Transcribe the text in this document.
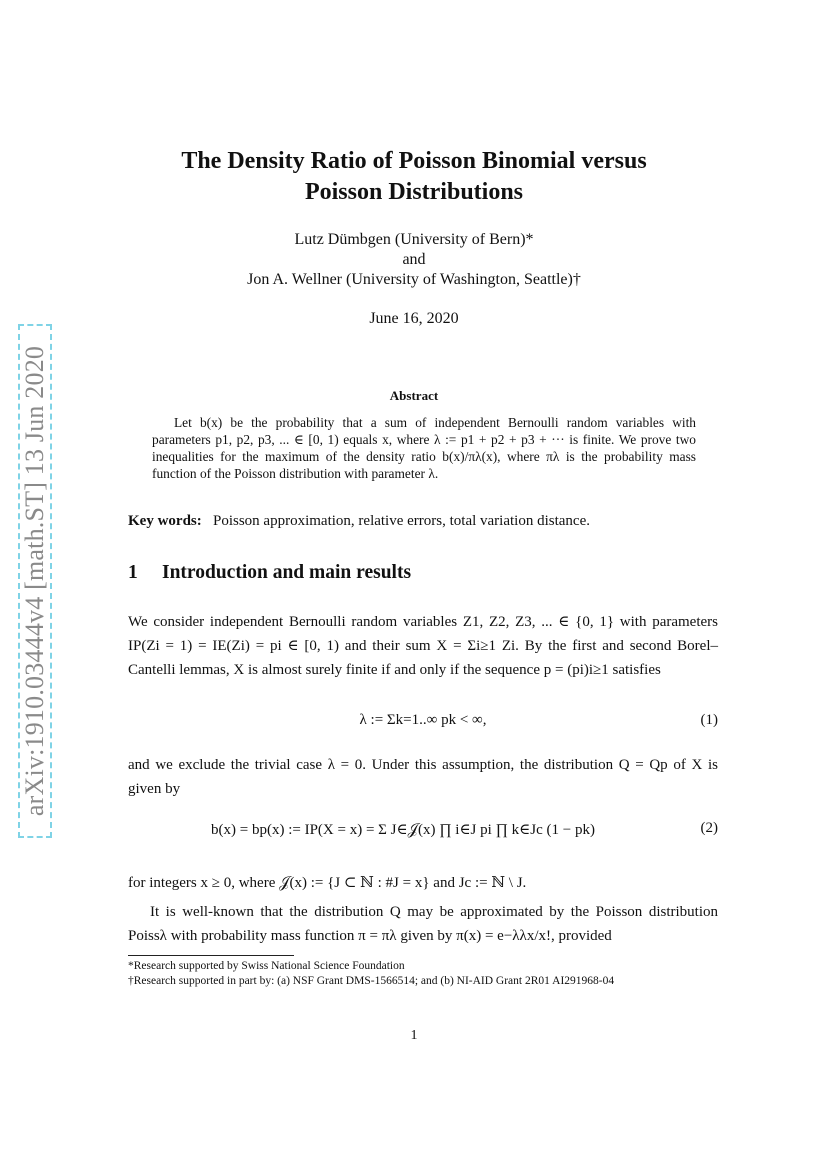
arXiv:1910.03444v4 [math.ST] 13 Jun 2020
The Density Ratio of Poisson Binomial versus
Poisson Distributions
Lutz Dümbgen (University of Bern)*
and
Jon A. Wellner (University of Washington, Seattle)†
June 16, 2020
Abstract

Let b(x) be the probability that a sum of independent Bernoulli random variables with parameters p1, p2, p3, ... ∈ [0, 1) equals x, where λ := p1 + p2 + p3 + ··· is finite. We prove two inequalities for the maximum of the density ratio b(x)/πλ(x), where πλ is the probability mass function of the Poisson distribution with parameter λ.

Key words: Poisson approximation, relative errors, total variation distance.
1 Introduction and main results

We consider independent Bernoulli random variables Z1, Z2, Z3, ... ∈ {0, 1} with parameters IP(Zi = 1) = IE(Zi) = pi ∈ [0, 1) and their sum X = Σi≥1 Zi. By the first and second Borel–Cantelli lemmas, X is almost surely finite if and only if the sequence p = (pi)i≥1 satisfies

λ := Σk=1..∞ pk < ∞,	(1)

and we exclude the trivial case λ = 0. Under this assumption, the distribution Q = Qp of X is given by

b(x) = bp(x) := IP(X = x) = Σ J∈𝒥(x) ∏ i∈J pi ∏ k∈Jc (1 − pk)	(2)

for integers x ≥ 0, where 𝒥(x) := {J ⊂ ℕ : #J = x} and Jc := ℕ \ J.

It is well-known that the distribution Q may be approximated by the Poisson distribution Poissλ with probability mass function π = πλ given by π(x) = e−λλx/x!, provided

*Research supported by Swiss National Science Foundation
†Research supported in part by: (a) NSF Grant DMS-1566514; and (b) NI-AID Grant 2R01 AI291968-04
1
